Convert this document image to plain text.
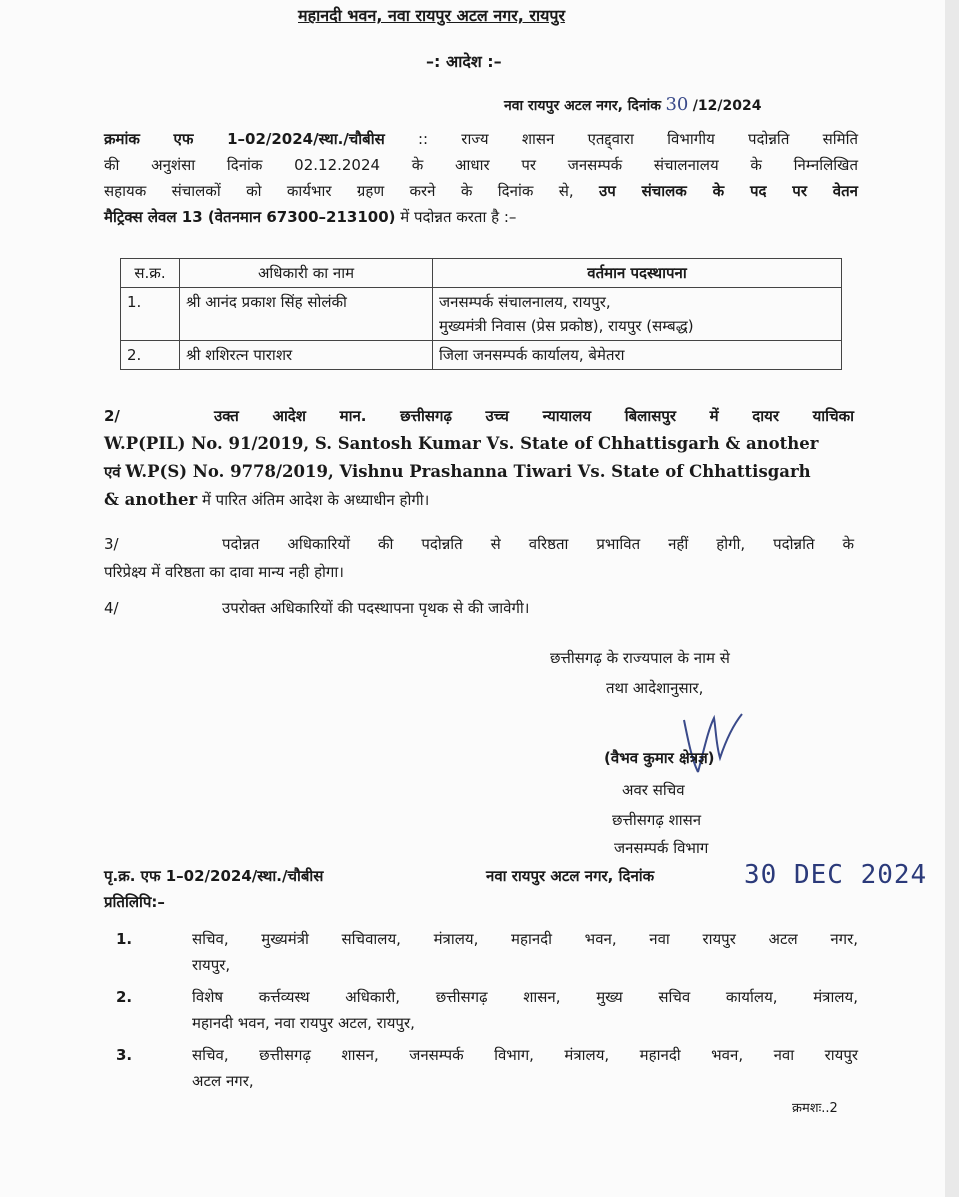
महानदी भवन, नवा रायपुर अटल नगर, रायपुर
–: आदेश :–
नवा रायपुर अटल नगर, दिनांक 30 /12/2024
क्रमांक एफ 1–02/2024/स्था./चौबीस :: राज्य शासन एतद्द्वारा विभागीय पदोन्नति समिति
की अनुशंसा दिनांक 02.12.2024 के आधार पर जनसम्पर्क संचालनालय के निम्नलिखित
सहायक संचालकों को कार्यभार ग्रहण करने के दिनांक से, उप संचालक के पद पर वेतन
मैट्रिक्स लेवल 13 (वेतनमान 67300–213100) में पदोन्नत करता है :–
स.क्र.	अधिकारी का नाम	वर्तमान पदस्थापना
1.	श्री आनंद प्रकाश सिंह सोलंकी	जनसम्पर्क संचालनालय, रायपुर,
मुख्यमंत्री निवास (प्रेस प्रकोष्ठ), रायपुर (सम्बद्ध)

2.	श्री शशिरत्न पाराशर	जिला जनसम्पर्क कार्यालय, बेमेतरा
2/	उक्त आदेश मान. छत्तीसगढ़ उच्च न्यायालय बिलासपुर में दायर याचिका
W.P(PIL) No. 91/2019, S. Santosh Kumar Vs. State of Chhattisgarh & another
एवं W.P(S) No. 9778/2019, Vishnu Prashanna Tiwari Vs. State of Chhattisgarh
& another में पारित अंतिम आदेश के अध्याधीन होगी।
3/	पदोन्नत अधिकारियों की पदोन्नति से वरिष्ठता प्रभावित नहीं होगी, पदोन्नति के
परिप्रेक्ष्य में वरिष्ठता का दावा मान्य नही होगा।
4/	उपरोक्त अधिकारियों की पदस्थापना पृथक से की जावेगी।
छत्तीसगढ़ के राज्यपाल के नाम से
तथा आदेशानुसार,
(वैभव कुमार क्षेत्रज्ञ)
अवर सचिव
छत्तीसगढ़ शासन
जनसम्पर्क विभाग
पृ.क्र. एफ 1–02/2024/स्था./चौबीस	नवा रायपुर अटल नगर, दिनांक	30 DEC 2024
प्रतिलिपि:–
1.	सचिव, मुख्यमंत्री सचिवालय, मंत्रालय, महानदी भवन, नवा रायपुर अटल नगर,
रायपुर,
2.	विशेष कर्त्तव्यस्थ अधिकारी, छत्तीसगढ़ शासन, मुख्य सचिव कार्यालय, मंत्रालय,
महानदी भवन, नवा रायपुर अटल, रायपुर,
3.	सचिव, छत्तीसगढ़ शासन, जनसम्पर्क विभाग, मंत्रालय, महानदी भवन, नवा रायपुर
अटल नगर,
क्रमशः..2
